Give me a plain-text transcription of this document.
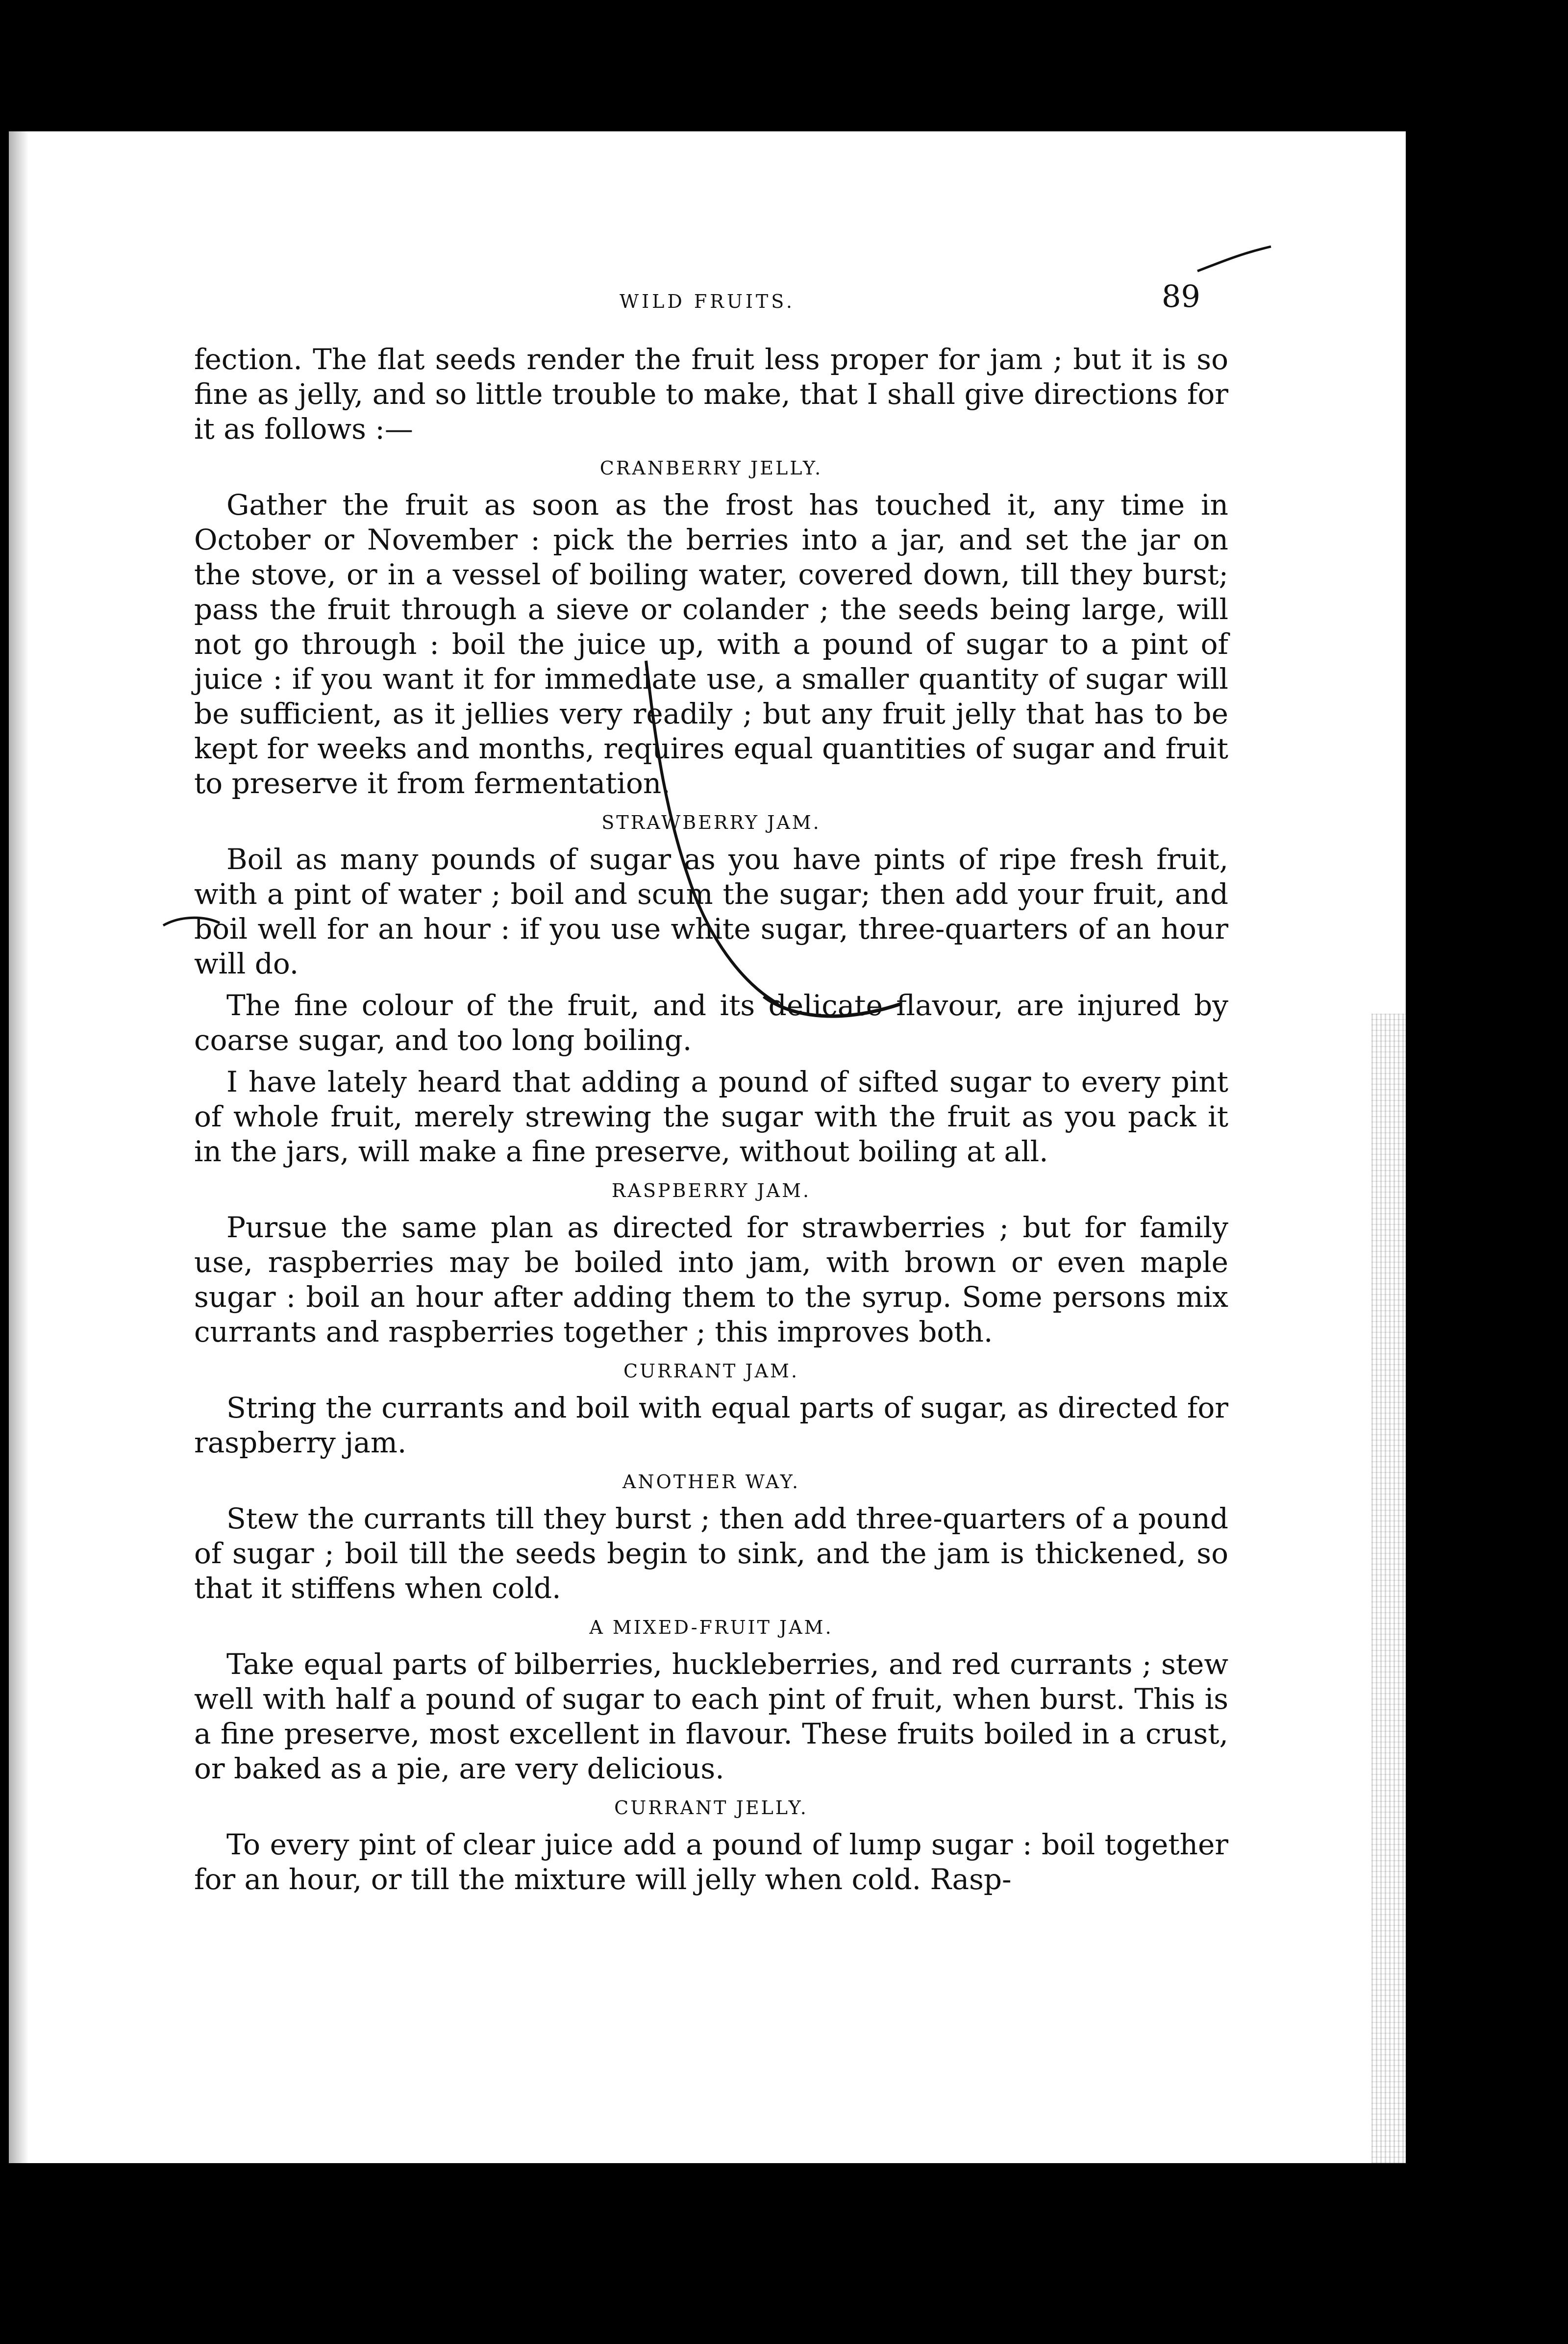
WILD FRUITS.	89

fection. The flat seeds render the fruit less proper for jam ; but it is so fine as jelly, and so little trouble to make, that I shall give directions for it as follows :—

CRANBERRY JELLY.

Gather the fruit as soon as the frost has touched it, any time in October or November : pick the berries into a jar, and set the jar on the stove, or in a vessel of boiling water, covered down, till they burst; pass the fruit through a sieve or colander ; the seeds being large, will not go through : boil the juice up, with a pound of sugar to a pint of juice : if you want it for immediate use, a smaller quantity of sugar will be sufficient, as it jellies very readily ; but any fruit jelly that has to be kept for weeks and months, requires equal quantities of sugar and fruit to preserve it from fermentation.

STRAWBERRY JAM.

Boil as many pounds of sugar as you have pints of ripe fresh fruit, with a pint of water ; boil and scum the sugar; then add your fruit, and boil well for an hour : if you use white sugar, three-quarters of an hour will do.

The fine colour of the fruit, and its delicate flavour, are injured by coarse sugar, and too long boiling.

I have lately heard that adding a pound of sifted sugar to every pint of whole fruit, merely strewing the sugar with the fruit as you pack it in the jars, will make a fine preserve, without boiling at all.

RASPBERRY JAM.

Pursue the same plan as directed for strawberries ; but for family use, raspberries may be boiled into jam, with brown or even maple sugar : boil an hour after adding them to the syrup. Some persons mix currants and raspberries together ; this improves both.

CURRANT JAM.

String the currants and boil with equal parts of sugar, as directed for raspberry jam.

ANOTHER WAY.

Stew the currants till they burst ; then add three-quarters of a pound of sugar ; boil till the seeds begin to sink, and the jam is thickened, so that it stiffens when cold.

A MIXED-FRUIT JAM.

Take equal parts of bilberries, huckleberries, and red currants ; stew well with half a pound of sugar to each pint of fruit, when burst. This is a fine preserve, most excellent in flavour. These fruits boiled in a crust, or baked as a pie, are very delicious.

CURRANT JELLY.

To every pint of clear juice add a pound of lump sugar : boil together for an hour, or till the mixture will jelly when cold. Rasp-
